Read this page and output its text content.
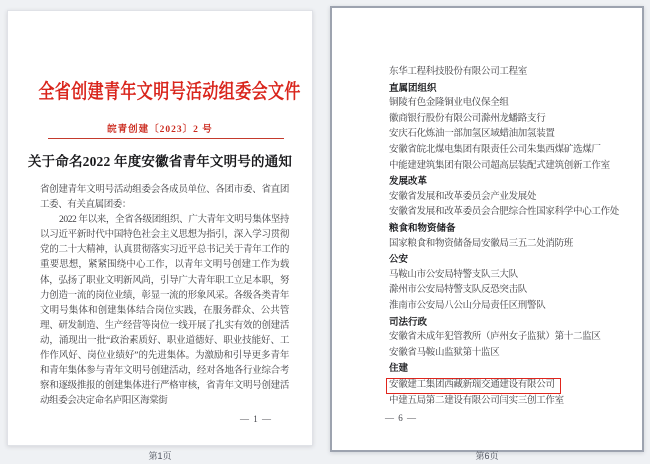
全省创建青年文明号活动组委会文件
皖青创建〔2023〕2 号
关于命名2022 年度安徽省青年文明号的通知

省创建青年文明号活动组委会各成员单位、各团市委、省直团工委、有关直属团委：

2022 年以来，全省各级团组织、广大青年文明号集体坚持以习近平新时代中国特色社会主义思想为指引，深入学习贯彻党的二十大精神，认真贯彻落实习近平总书记关于青年工作的重要思想，紧紧围绕中心工作，以青年文明号创建工作为载体，弘扬了职业文明新风尚，引导广大青年职工立足本职，努力创造一流的岗位业绩，彰显一流的形象风采。各级各类青年文明号集体和创建集体结合岗位实践，在服务群众、公共管理、研发制造、生产经营等岗位一线开展了扎实有效的创建活动，涌现出一批“政治素质好、职业道德好、职业技能好、工作作风好、岗位业绩好”的先进集体。为激励和引导更多青年和青年集体参与青年文明号创建活动，经对各地各行业综合考察和逐级推报的创建集体进行严格审核，省青年文明号创建活动组委会决定命名庐阳区海棠街

— 1 —
东华工程科技股份有限公司工程室
直属团组织
铜陵有色金隆铜业电仪保全组
徽商银行股份有限公司滁州龙蟠路支行
安庆石化炼油一部加氢区域蜡油加氢装置
安徽省皖北煤电集团有限责任公司朱集西煤矿选煤厂
中能建建筑集团有限公司超高层装配式建筑创新工作室
发展改革
安徽省发展和改革委员会产业发展处
安徽省发展和改革委员会合肥综合性国家科学中心工作处
粮食和物资储备
国家粮食和物资储备局安徽局三五二处消防班
公安
马鞍山市公安局特警支队三大队
滁州市公安局特警支队反恐突击队
淮南市公安局八公山分局责任区刑警队
司法行政
安徽省未成年犯管教所（庐州女子监狱）第十二监区
安徽省马鞍山监狱第十监区
住建
安徽建工集团西藏新瑞交通建设有限公司
中建五局第二建设有限公司闫实三创工作室
— 6 —
第1页	第6页
